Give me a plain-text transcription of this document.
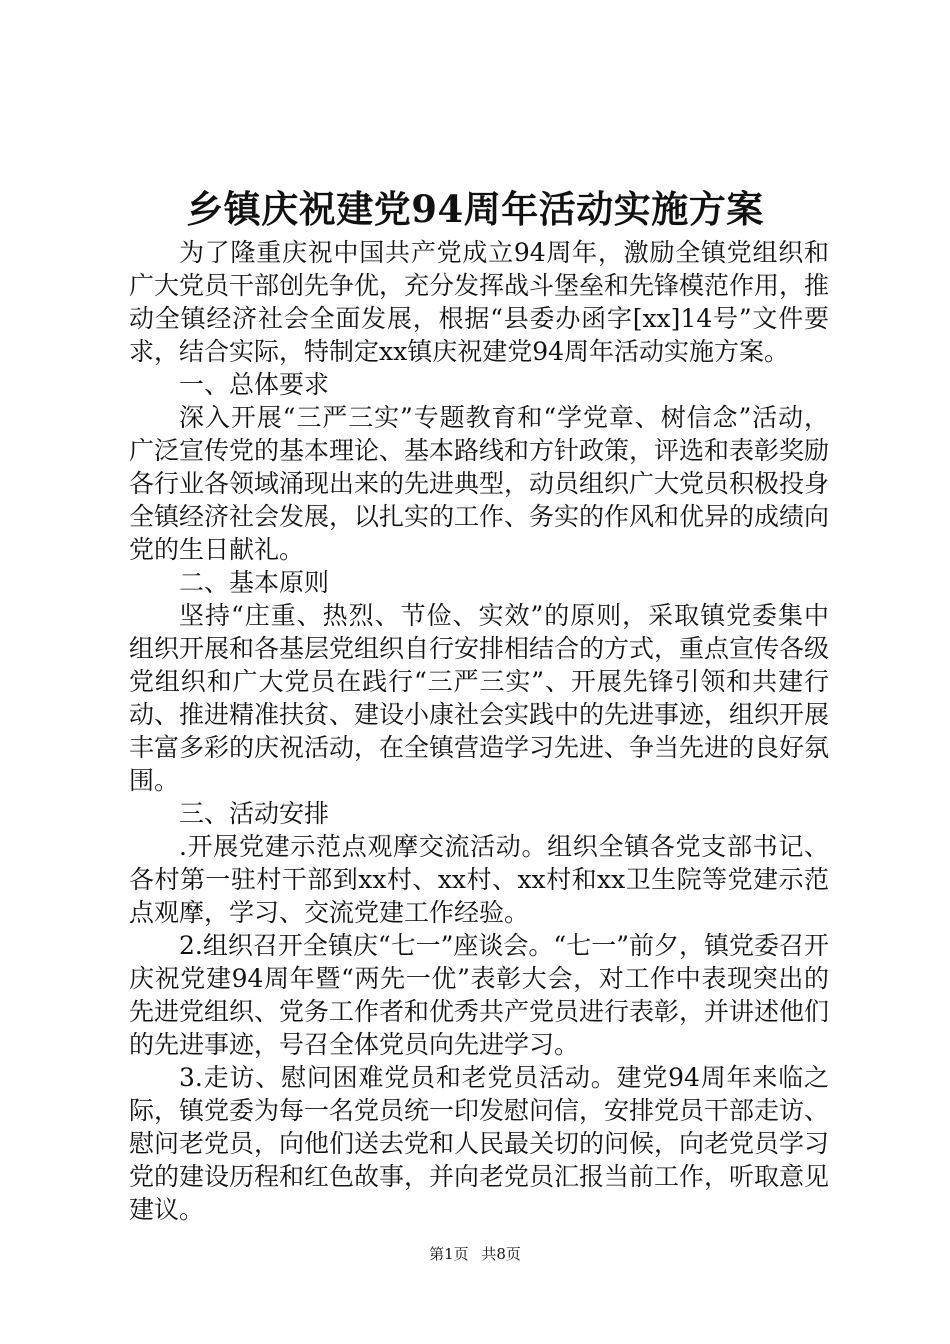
乡镇庆祝建党94周年活动实施方案

为了隆重庆祝中国共产党成立94周年，激励全镇党组织和广大党员干部创先争优，充分发挥战斗堡垒和先锋模范作用，推动全镇经济社会全面发展，根据“县委办函字[xx]14号”文件要求，结合实际，特制定xx镇庆祝建党94周年活动实施方案。

一、总体要求

深入开展“三严三实”专题教育和“学党章、树信念”活动，广泛宣传党的基本理论、基本路线和方针政策，评选和表彰奖励各行业各领域涌现出来的先进典型，动员组织广大党员积极投身全镇经济社会发展，以扎实的工作、务实的作风和优异的成绩向党的生日献礼。

二、基本原则

坚持“庄重、热烈、节俭、实效”的原则，采取镇党委集中组织开展和各基层党组织自行安排相结合的方式，重点宣传各级党组织和广大党员在践行“三严三实”、开展先锋引领和共建行动、推进精准扶贫、建设小康社会实践中的先进事迹，组织开展丰富多彩的庆祝活动，在全镇营造学习先进、争当先进的良好氛围。

三、活动安排

.开展党建示范点观摩交流活动。组织全镇各党支部书记、各村第一驻村干部到xx村、xx村、xx村和xx卫生院等党建示范点观摩，学习、交流党建工作经验。

2.组织召开全镇庆“七一”座谈会。“七一”前夕，镇党委召开庆祝党建94周年暨“两先一优”表彰大会，对工作中表现突出的先进党组织、党务工作者和优秀共产党员进行表彰，并讲述他们的先进事迹，号召全体党员向先进学习。

3.走访、慰问困难党员和老党员活动。建党94周年来临之际，镇党委为每一名党员统一印发慰问信，安排党员干部走访、慰问老党员，向他们送去党和人民最关切的问候，向老党员学习党的建设历程和红色故事，并向老党员汇报当前工作，听取意见建议。

第1页 共8页
